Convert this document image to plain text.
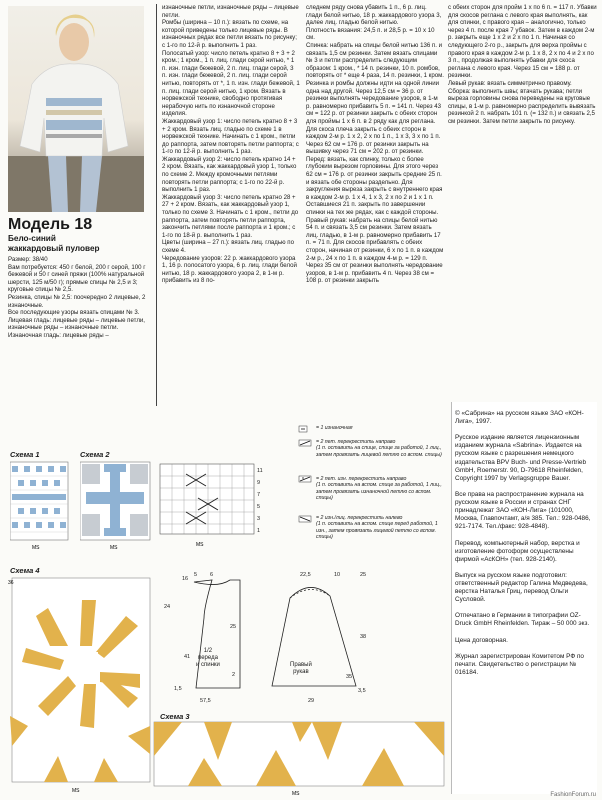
Модель 18
Бело-синий
жаккардовый пуловер
Размер: 38/40
Вам потребуется: 450 г белой, 200 г серой, 100 г бежевой и 50 г синей пряжи (100% натуральной шерсти, 125 м/50 г); прямые спицы № 2,5 и 3; круговые спицы № 2,5.
Резинка, спицы № 2,5: поочередно 2 лицевые, 2 изнаночные.
Все последующие узоры вязать спицами № 3.
Лицевая гладь: лицевые ряды – лицевые петли, изнаночные ряды – изнаночные петли.
Изнаночная гладь: лицевые ряды –
изнаночные петли, изнаночные ряды – лицевые петли.
Ромбы (ширина – 10 п.): вязать по схеме, на которой приведены только лицевые ряды. В изнаночных рядах все петли вязать по рисунку; с 1-го по 12-й р. выполнить 1 раз.
Полосатый узор: число петель кратно 8 + 3 + 2 кром.; 1 кром., 1 п. лиц. глади серой нитью, * 1 п. изн. глади бежевой, 2 п. лиц. глади серой, 3 п. изн. глади бежевой, 2 п. лиц. глади серой нитью, повторять от *, 1 п. изн. глади бежевой, 1 п. лиц. глади серой нитью, 1 кром. Вязать в норвежской технике, свободно протягивая нерабочую нить по изнаночной стороне изделия.
Жаккардовый узор 1: число петель кратно 8 + 3 + 2 кром. Вязать лиц. гладью по схеме 1 в норвежской технике. Начинать с 1 кром., петли до раппорта, затем повторять петли раппорта; с 1-го по 12-й р. выполнить 1 раз.
Жаккардовый узор 2: число петель кратно 14 + 2 кром. Вязать, как жаккардовый узор 1, только по схеме 2. Между кромочными петлями повторять петли раппорта; с 1-го по 22-й р. выполнить 1 раз.
Жаккардовый узор 3: число петель кратно 28 + 27 + 2 кром. Вязать, как жаккардовый узор 1, только по схеме 3. Начинать с 1 кром., петли до раппорта, затем повторять петли раппорта, закончить петлями после раппорта и 1 кром.; с 1-го по 18-й р. выполнить 1 раз.
Цветы (ширина – 27 п.): вязать лиц. гладью по схеме 4.
Чередование узоров: 22 р. жаккардового узора 1, 16 р. полосатого узора, 6 р. лиц. глади белой нитью, 18 р. жаккардового узора 2, в 1-м р. прибавить из 8 по-
следнем ряду снова убавить 1 п., 6 р. лиц. глади белой нитью, 18 р. жаккардового узора 3, далее лиц. гладью белой нитью.
Плотность вязания: 24,5 п. и 28,5 р. = 10 х 10 см.
Спинка: набрать на спицы белой нитью 136 п. и связать 1,5 см резинки. Затем вязать спицами № 3 и петли распределить следующим образом: 1 кром., * 14 п. резинки, 10 п. ромбов, повторять от * еще 4 раза, 14 п. резинки, 1 кром. Резинка и ромбы должны идти на одной линии одна над другой. Через 12,5 см = 36 р. от резинки выполнять чередование узоров, в 1-м р. равномерно прибавить 5 п. = 141 п. Через 43 см = 122 р. от резинки закрыть с обеих сторон для проймы 1 х 6 п. в 2 ряду как для реглана. Для скоса плеча закрыть с обеих сторон в каждом 2-м р. 1 х 2, 2 х по 1 п., 1 х 3, 3 х по 1 п. Через 62 см = 176 р. от резинки закрыть на вышивку через 71 см = 202 р. от резинки.
Перед: вязать, как спинку, только с более глубоким вырезом горловины. Для этого через 62 см = 176 р. от резинки закрыть средние 25 п. и вязать обе стороны раздельно. Для закругления выреза закрыть с внутреннего края в каждом 2-м р. 1 х 4, 1 х 3, 2 х по 2 и 1 х 1 п. Оставшиеся 21 п. закрыть по завершении спинки на тех же рядах, как с каждой стороны.
Правый рукав: набрать на спицы белой нитью 54 п. и связать 3,5 см резинки. Затем вязать лиц. гладью, в 1-м р. равномерно прибавить 17 п. = 71 п. Для скосов прибавлять с обеих сторон, начиная от резинки, 6 х по 1 п. в каждом 2-м р., 24 х по 1 п. в каждом 4-м р. = 129 п. Через 35 см от резинки выполнять чередование узоров, в 1-м р. прибавить 4 п. Через 38 см = 108 р. от резинки закрыть
с обеих сторон для пройм 1 х по 6 п. = 117 п. Убавки для скосов реглана с левого края выполнять, как для спинки, с правого края – аналогично, только через 4 п. после края 7 убавок. Затем в каждом 2-м р. закрыть еще 1 х 2 и 2 х по 1 п. Начиная со следующего 2-го р., закрыть для верха проймы с правого края в каждом 2-м р. 1 х 8, 2 х по 4 и 2 х по 3 п., продолжая выполнять убавки для скоса реглана с левого края. Через 15 см = 188 р. от резинки.
Левый рукав: вязать симметрично правому.
Сборка: выполнить швы; втачать рукава; петли выреза горловины снова переведены на круговые спицы, в 1-м р. равномерно распределить вывязать резинкой 2 п. набрать 101 п. (= 132 п.) и связать 2,5 см резинки. Затем петли закрыть по рисунку.
© «Сабрина» на русском языке ЗАО «КОН-Лига», 1997.

Русское издание является лицензионным изданием журнала «Sabrina». Издается на русском языке с разрешения немецкого издательства BPV Buch- und Presse-Vertrieb GmbH, Roemerstr. 90, D-79618 Rheinfelden, Copyright 1997 by Verlagsgruppe Bauer.

Все права на распространение журнала на русском языке в России и странах СНГ принадлежат ЗАО «КОН-Лига» (101000, Москва, Главпочтамт, а/я 385. Тел.: 928-0486, 921-7174. Тел./факс: 928-4848).

Перевод, компьютерный набор, верстка и изготовление фотоформ осуществлены фирмой «АсКОН» (тел. 928-2140).

Выпуск на русском языке подготовил: ответственный редактор Галина Медведева, верстка Наталья Гриц, перевод Ольги Сусловой.

Отпечатано в Германии в типографии OZ-Druck GmbH Rheinfelden. Тираж – 50 000 экз.

Цена договорная.

Журнал зарегистрирован Комитетом РФ по печати. Свидетельство о регистрации № 016184.
Схема 1	Схема 2
Схема 4
Схема 3
MS	MS	MS
11
9
7
5
3
1
= 1 изнаночная
= 2 пет. перекрестить направо
(1 п. оставить на спице, спице за работой, 1 лиц., затем провязать лицевой петлю со вспом. спицы)
= 2 пет. изн. перекрестить направо
(1 п. оставить на вспом. спице за работой, 1 лиц., затем провязать изнаночной петлю со вспом. спицы)
= 2 изн./лиц. перекрестить налево
(1 п. оставить на вспом. спице перед работой, 1 изн., затем провязать лицевой петлю со вспом. спицы)
36
MS
16
5 6
24
25
2
57,5
41
1,5
22,5	10	25
38
35
29
3,5
1/2
переда
и спинки	Правый
рукав
MS	FashionForum.ru
